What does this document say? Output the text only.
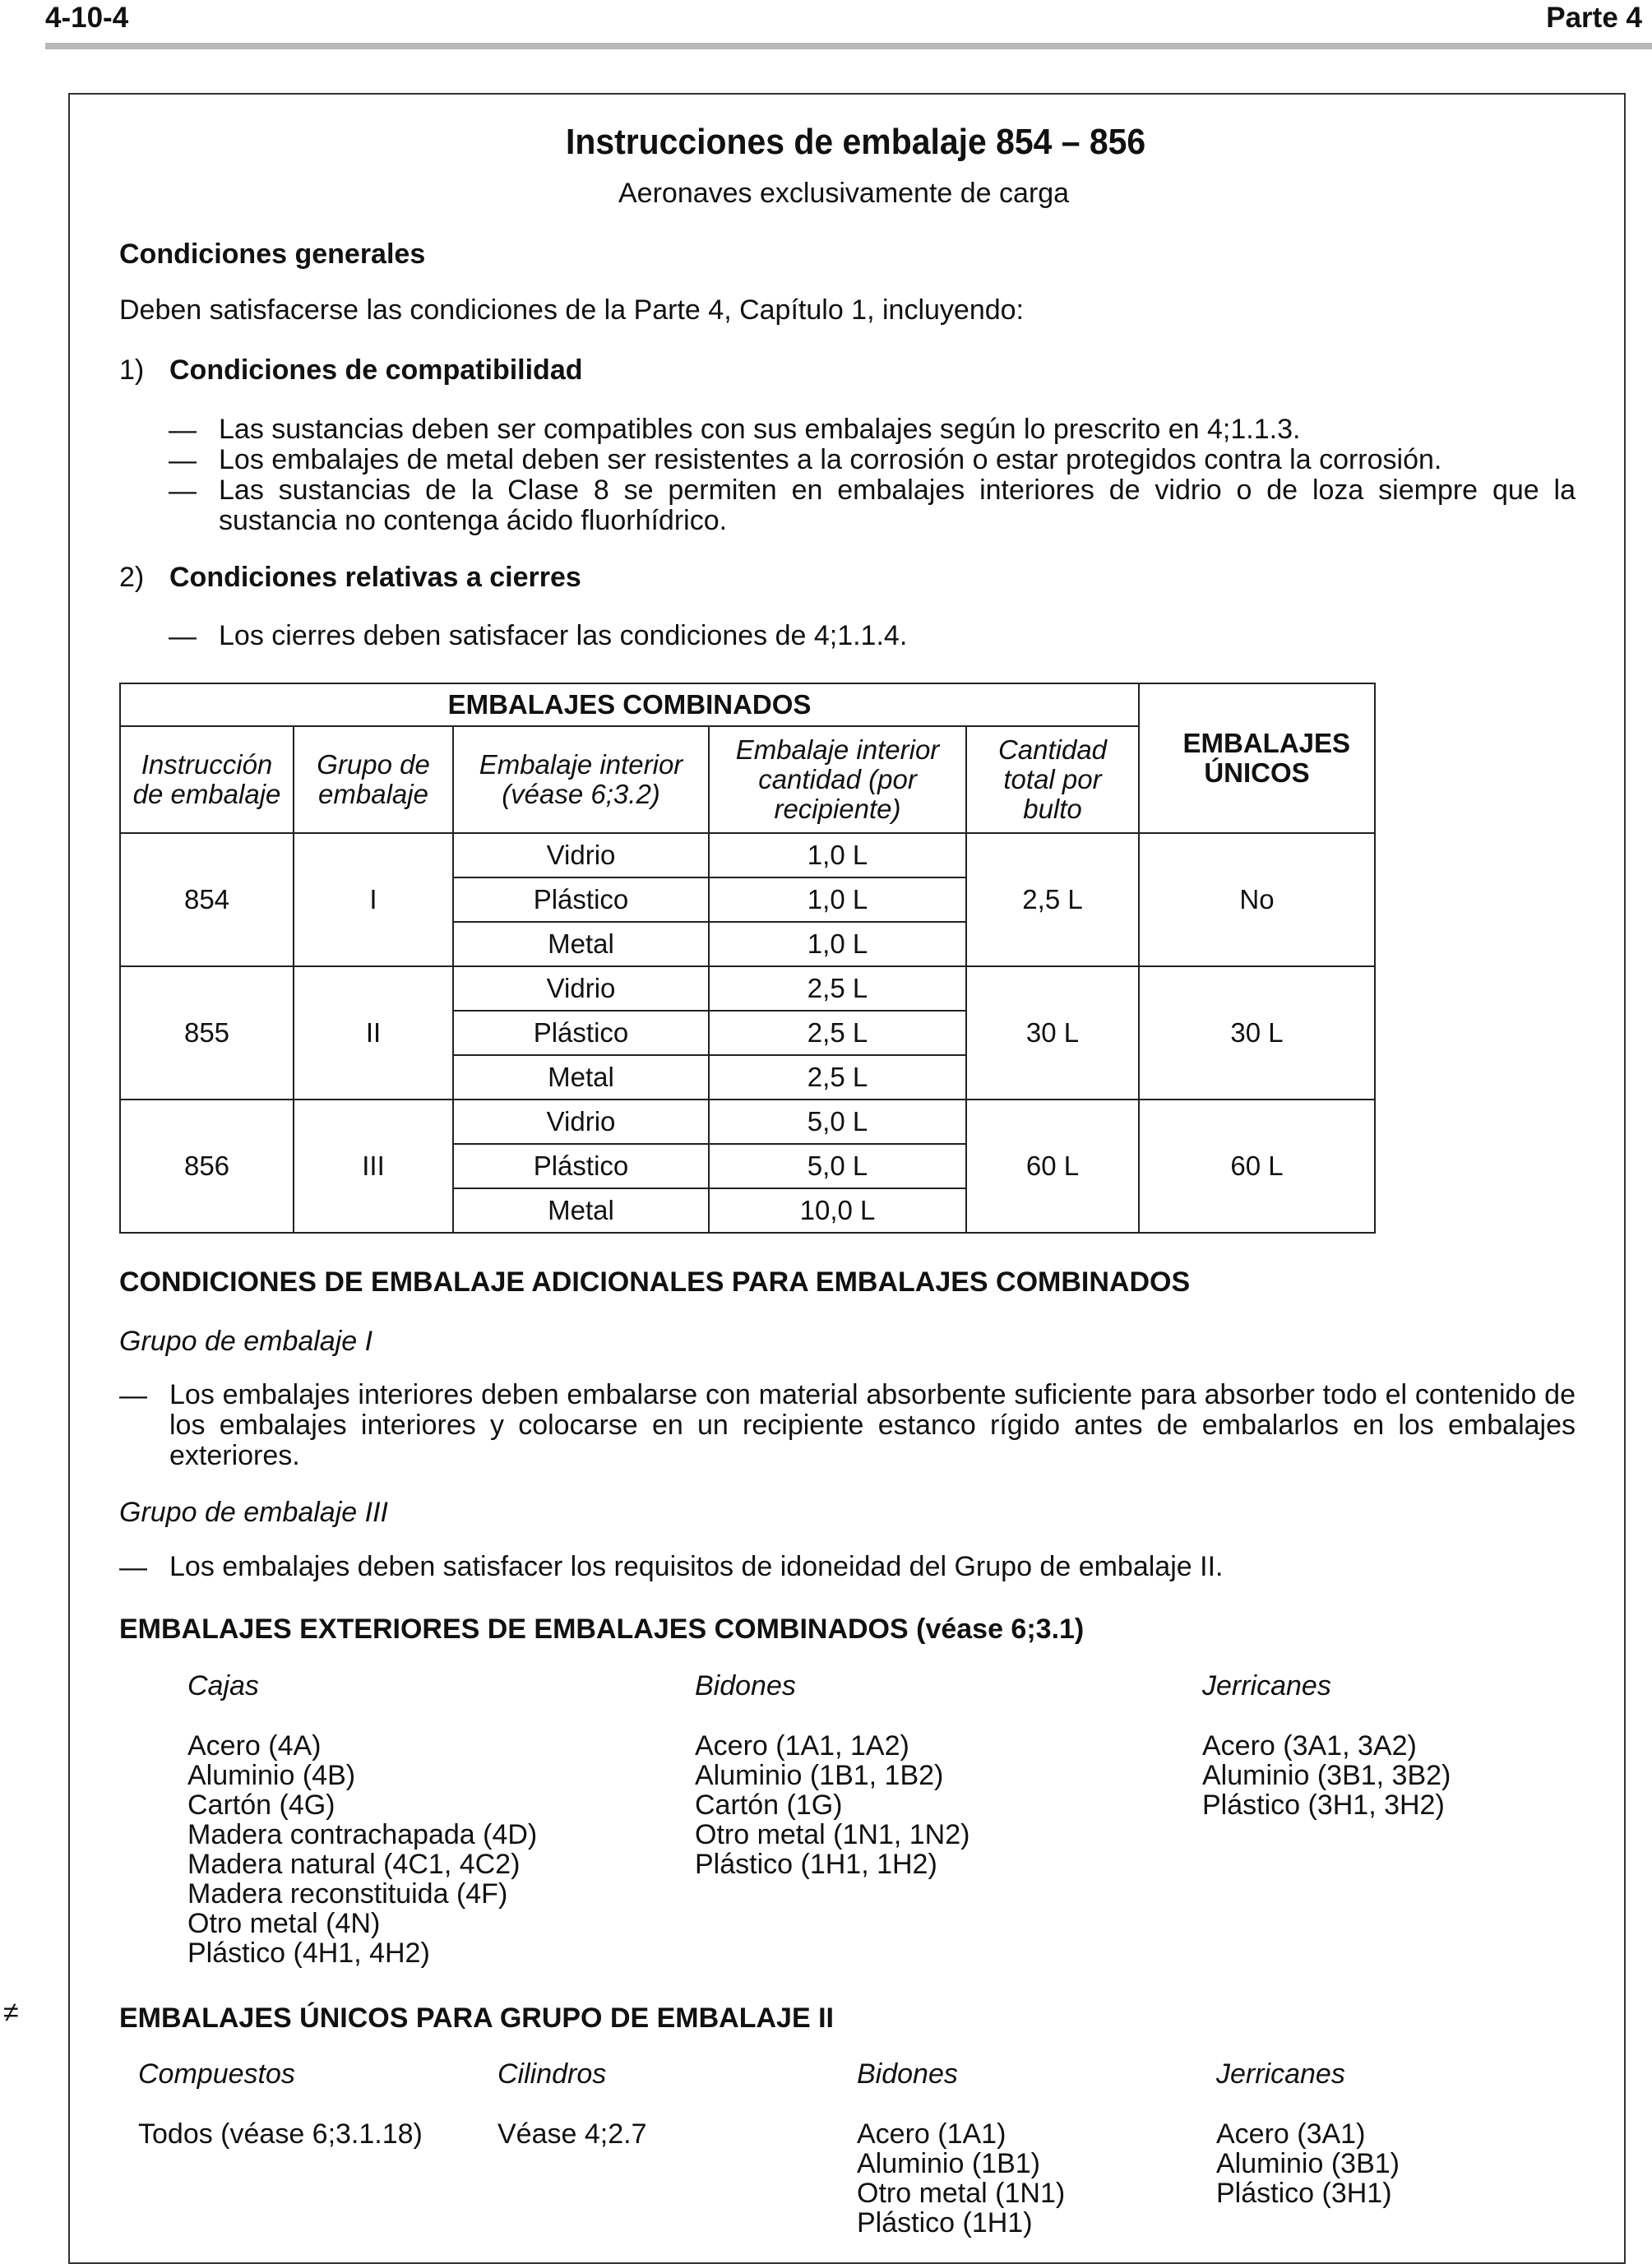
4-10-4	Parte 4
Instrucciones de embalaje 854 – 856
Aeronaves exclusivamente de carga
Condiciones generales
Deben satisfacerse las condiciones de la Parte 4, Capítulo 1, incluyendo:
1) Condiciones de compatibilidad
— Las sustancias deben ser compatibles con sus embalajes según lo prescrito en 4;1.1.3.
— Los embalajes de metal deben ser resistentes a la corrosión o estar protegidos contra la corrosión.
— Las sustancias de la Clase 8 se permiten en embalajes interiores de vidrio o de loza siempre que la sustancia no contenga ácido fluorhídrico.
2) Condiciones relativas a cierres
— Los cierres deben satisfacer las condiciones de 4;1.1.4.
EMBALAJES COMBINADOS					EMBALAJES ÚNICOS

Instrucción de embalaje	Grupo de embalaje	Embalaje interior (véase 6;3.2)	Embalaje interior cantidad (por recipiente)	Cantidad total por bulto	

854	I	Vidrio	1,0 L	2,5 L	No
		Plástico	1,0 L		
		Metal	1,0 L		
855	II	Vidrio	2,5 L	30 L	30 L
		Plástico	2,5 L		
		Metal	2,5 L		
856	III	Vidrio	5,0 L	60 L	60 L
		Plástico	5,0 L		
		Metal	10,0 L		
CONDICIONES DE EMBALAJE ADICIONALES PARA EMBALAJES COMBINADOS
Grupo de embalaje I
— Los embalajes interiores deben embalarse con material absorbente suficiente para absorber todo el contenido de los embalajes interiores y colocarse en un recipiente estanco rígido antes de embalarlos en los embalajes exteriores.
Grupo de embalaje III
— Los embalajes deben satisfacer los requisitos de idoneidad del Grupo de embalaje II.
EMBALAJES EXTERIORES DE EMBALAJES COMBINADOS (véase 6;3.1)
Cajas
Acero (4A)
Aluminio (4B)
Cartón (4G)
Madera contrachapada (4D)
Madera natural (4C1, 4C2)
Madera reconstituida (4F)
Otro metal (4N)
Plástico (4H1, 4H2)
Bidones
Acero (1A1, 1A2)
Aluminio (1B1, 1B2)
Cartón (1G)
Otro metal (1N1, 1N2)
Plástico (1H1, 1H2)
Jerricanes
Acero (3A1, 3A2)
Aluminio (3B1, 3B2)
Plástico (3H1, 3H2)
≠	EMBALAJES ÚNICOS PARA GRUPO DE EMBALAJE II
Compuestos
Todos (véase 6;3.1.18)
Cilindros
Véase 4;2.7
Bidones
Acero (1A1)
Aluminio (1B1)
Otro metal (1N1)
Plástico (1H1)
Jerricanes
Acero (3A1)
Aluminio (3B1)
Plástico (3H1)
